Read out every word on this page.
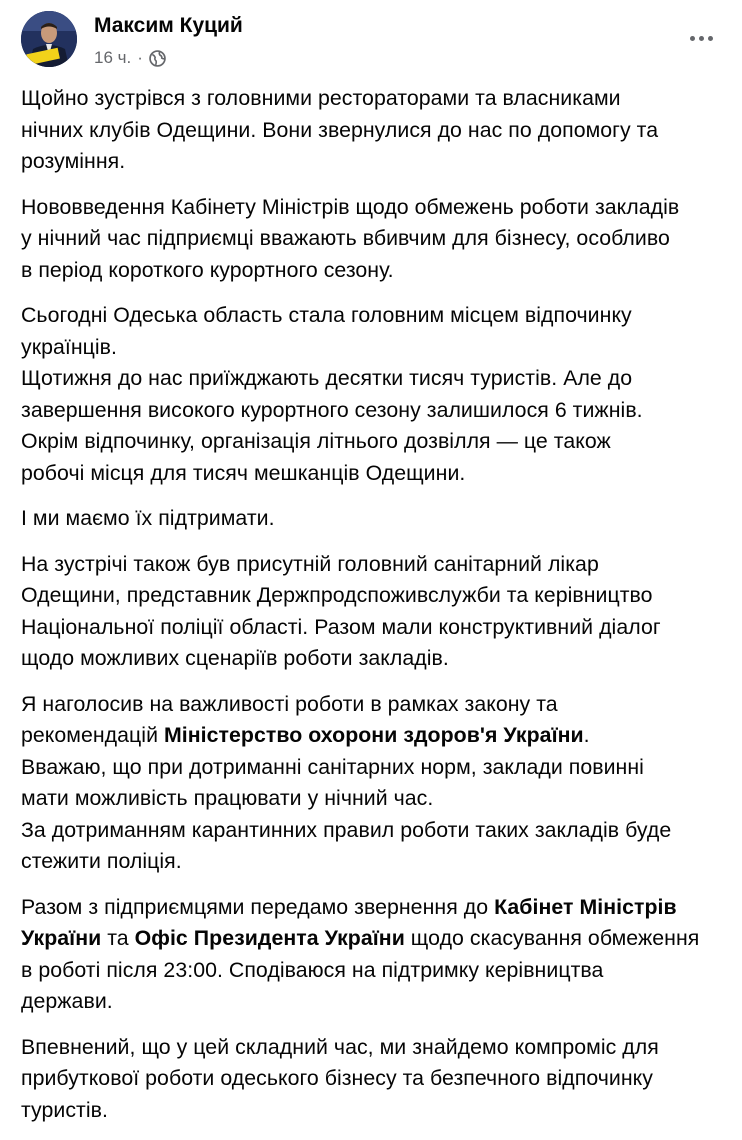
Максим Куций
16 ч. ·

Щойно зустрівся з головними рестораторами та власниками
нічних клубів Одещини. Вони звернулися до нас по допомогу та
розуміння.

Нововведення Кабінету Міністрів щодо обмежень роботи закладів
у нічний час підприємці вважають вбивчим для бізнесу, особливо
в період короткого курортного сезону.

Сьогодні Одеська область стала головним місцем відпочинку
українців.
Щотижня до нас приїжджають десятки тисяч туристів. Але до
завершення високого курортного сезону залишилося 6 тижнів.
Окрім відпочинку, організація літнього дозвілля — це також
робочі місця для тисяч мешканців Одещини.

І ми маємо їх підтримати.

На зустрічі також був присутній головний санітарний лікар
Одещини, представник Держпродспоживслужби та керівництво
Національної поліції області. Разом мали конструктивний діалог
щодо можливих сценаріїв роботи закладів.

Я наголосив на важливості роботи в рамках закону та
рекомендацій Міністерство охорони здоров'я України.
Вважаю, що при дотриманні санітарних норм, заклади повинні
мати можливість працювати у нічний час.
За дотриманням карантинних правил роботи таких закладів буде
стежити поліція.

Разом з підприємцями передамо звернення до Кабінет Міністрів
України та Офіс Президента України щодо скасування обмеження
в роботі після 23:00. Сподіваюся на підтримку керівництва
держави.

Впевнений, що у цей складний час, ми знайдемо компроміс для
прибуткової роботи одеського бізнесу та безпечного відпочинку
туристів.
